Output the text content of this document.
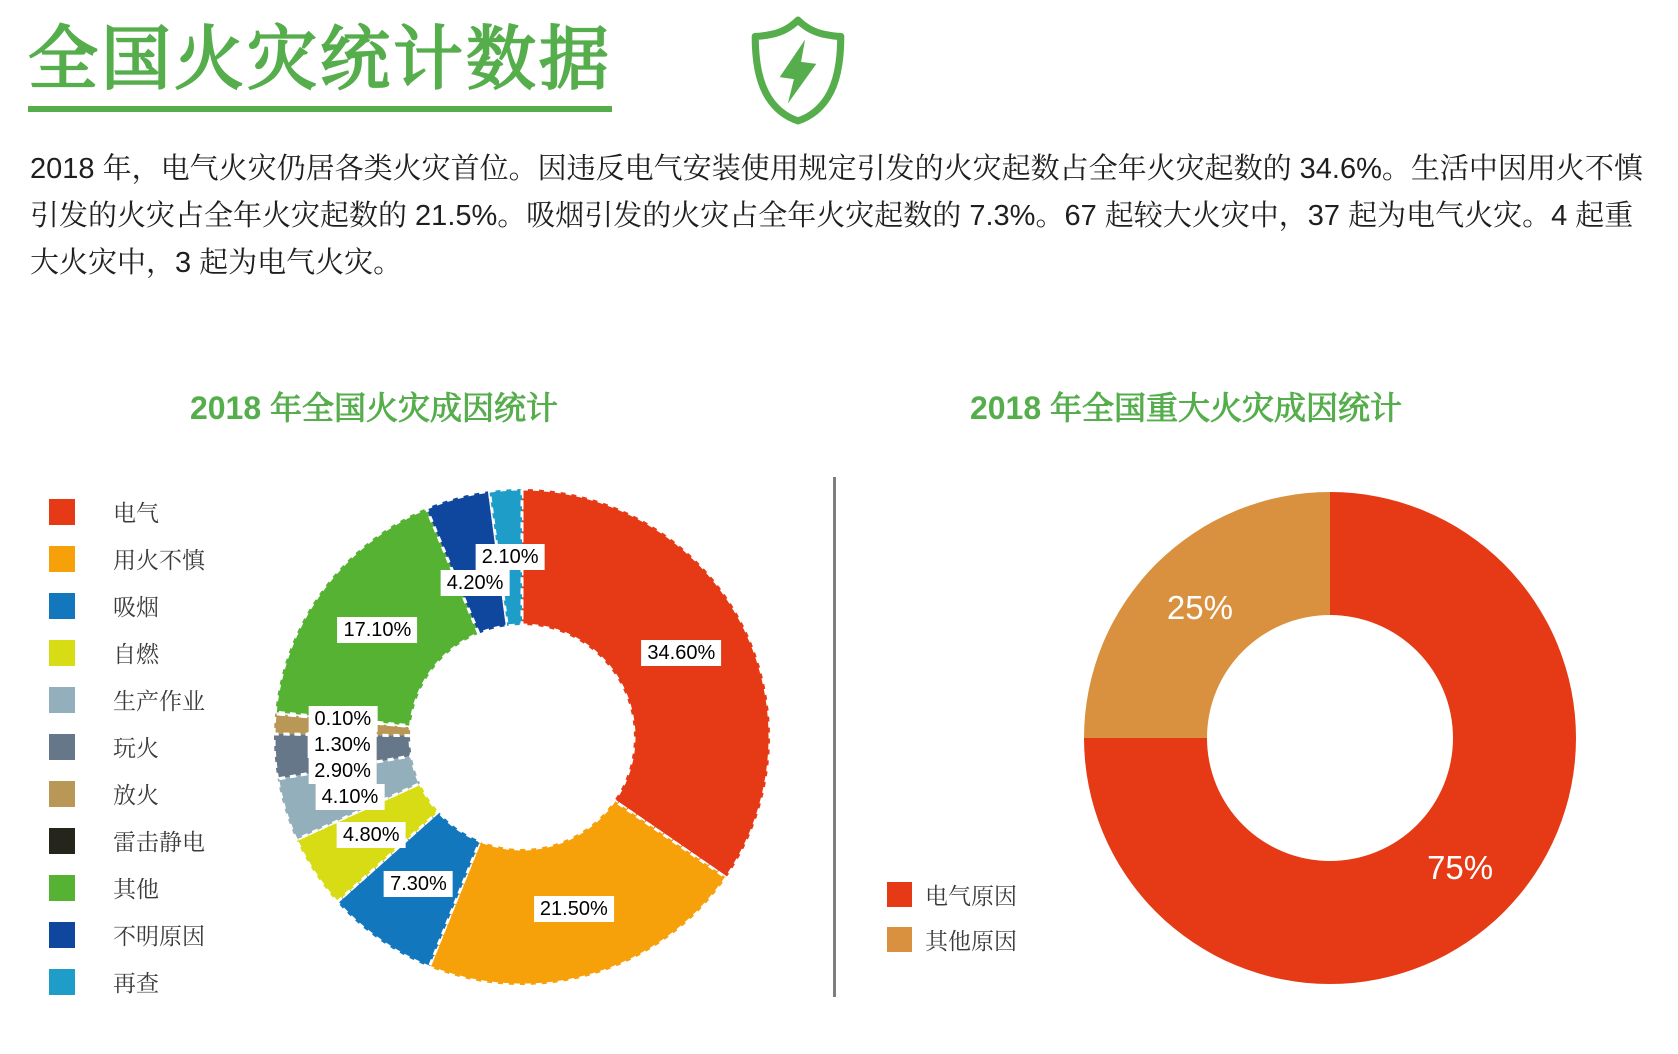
全国火灾统计数据

2018 年，电气火灾仍居各类火灾首位。因违反电气安装使用规定引发的火灾起数占全年火灾起数的 34.6%。生活中因用火不慎引发的火灾占全年火灾起数的 21.5%。吸烟引发的火灾占全年火灾起数的 7.3%。67 起较大火灾中，37 起为电气火灾。4 起重大火灾中，3 起为电气火灾。

2018 年全国火灾成因统计
电气
用火不慎
吸烟
自燃
生产作业
玩火
放火
雷击静电
其他
不明原因
再查
2.10%
4.20%
17.10%
34.60%
0.10%
1.30%
2.90%
4.10%
4.80%
7.30%
21.50%
2018 年全国重大火灾成因统计
电气原因
其他原因
25%
75%
